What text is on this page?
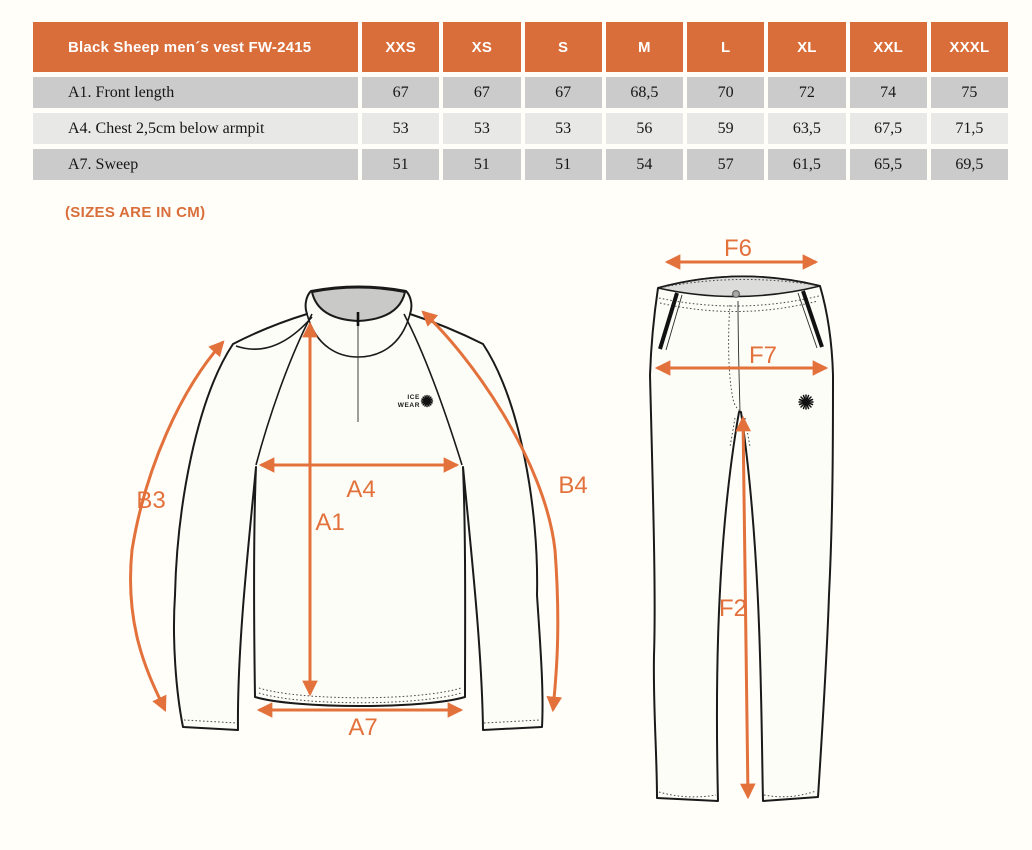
Black Sheep men´s vest FW-2415	XXS	XS	S	M	L	XL	XXL	XXXL
A1. Front length	67	67	67	68,5	70	72	74	75
A4. Chest 2,5cm below armpit	53	53	53	56	59	63,5	67,5	71,5
A7. Sweep	51	51	51	54	57	61,5	65,5	69,5
(SIZES ARE IN CM)
ICE
WEAR
B3
B4
A4
A1
A7
F6
F7
F2
